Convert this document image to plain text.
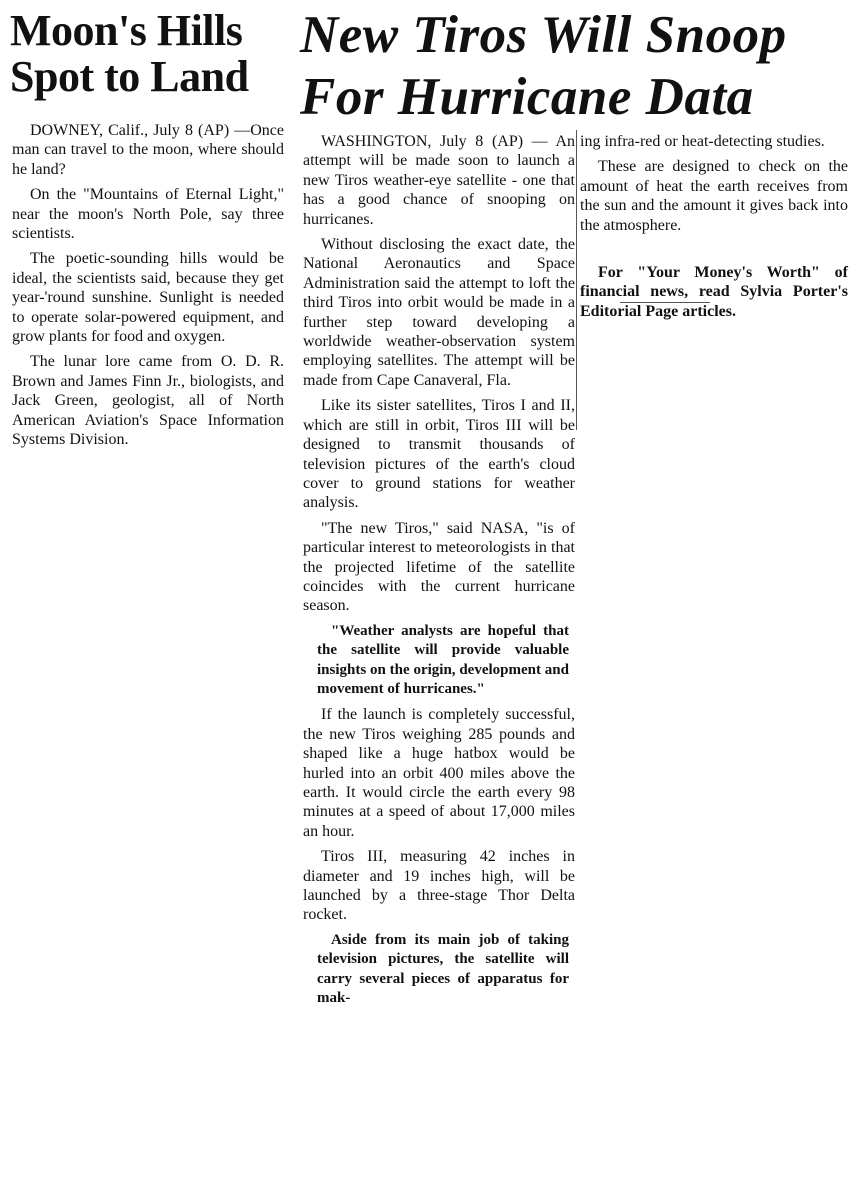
Moon's Hills Spot to Land
New Tiros Will Snoop For Hurricane Data

DOWNEY, Calif., July 8 (AP) —Once man can travel to the moon, where should he land?

On the "Mountains of Eternal Light," near the moon's North Pole, say three scientists.

The poetic-sounding hills would be ideal, the scientists said, because they get year-'round sunshine. Sunlight is needed to operate solar-powered equipment, and grow plants for food and oxygen.

The lunar lore came from O. D. R. Brown and James Finn Jr., biologists, and Jack Green, geologist, all of North American Aviation's Space Information Systems Division.

WASHINGTON, July 8 (AP) — An attempt will be made soon to launch a new Tiros weather-eye satellite - one that has a good chance of snooping on hurricanes.

Without disclosing the exact date, the National Aeronautics and Space Administration said the attempt to loft the third Tiros into orbit would be made in a further step toward developing a worldwide weather-observation system employing satellites. The attempt will be made from Cape Canaveral, Fla.

Like its sister satellites, Tiros I and II, which are still in orbit, Tiros III will be designed to transmit thousands of television pictures of the earth's cloud cover to ground stations for weather analysis.

"The new Tiros," said NASA, "is of particular interest to meteorologists in that the projected lifetime of the satellite coincides with the current hurricane season.

"Weather analysts are hopeful that the satellite will provide valuable insights on the origin, development and movement of hurricanes."

If the launch is completely successful, the new Tiros weighing 285 pounds and shaped like a huge hatbox would be hurled into an orbit 400 miles above the earth. It would circle the earth every 98 minutes at a speed of about 17,000 miles an hour.

Tiros III, measuring 42 inches in diameter and 19 inches high, will be launched by a three-stage Thor Delta rocket.

Aside from its main job of taking television pictures, the satellite will carry several pieces of apparatus for mak-

ing infra-red or heat-detecting studies.

These are designed to check on the amount of heat the earth receives from the sun and the amount it gives back into the atmosphere.

For "Your Money's Worth" of financial news, read Sylvia Porter's Editorial Page articles.
